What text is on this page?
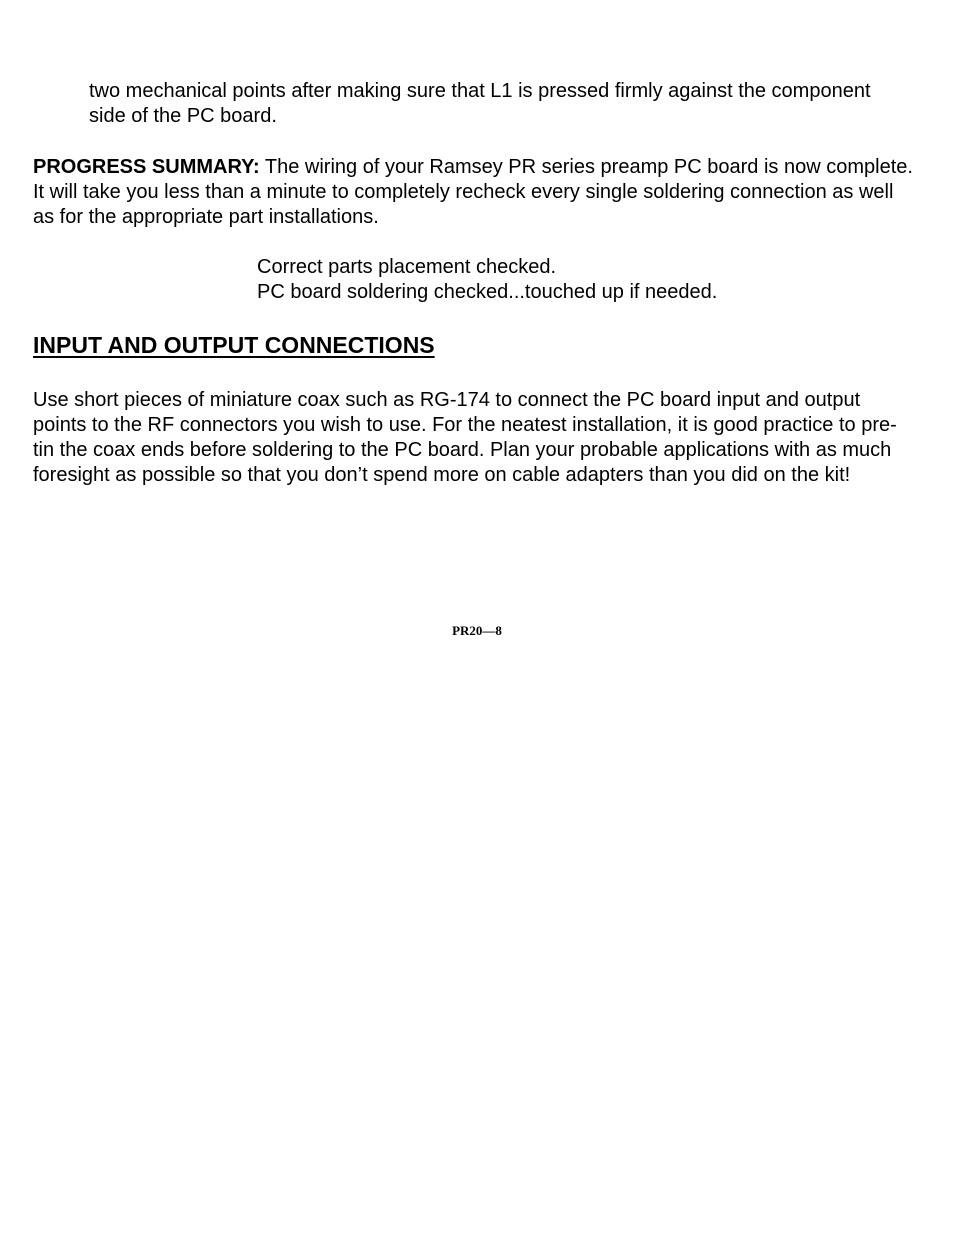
two mechanical points after making sure that L1 is pressed firmly against the component side of the PC board.

PROGRESS SUMMARY: The wiring of your Ramsey PR series preamp PC board is now complete. It will take you less than a minute to completely recheck every single soldering connection as well as for the appropriate part installations.

Correct parts placement checked.
PC board soldering checked...touched up if needed.
INPUT AND OUTPUT CONNECTIONS

Use short pieces of miniature coax such as RG-174 to connect the PC board input and output points to the RF connectors you wish to use. For the neatest installation, it is good practice to pre-tin the coax ends before soldering to the PC board. Plan your probable applications with as much foresight as possible so that you don’t spend more on cable adapters than you did on the kit!

PR20—8
